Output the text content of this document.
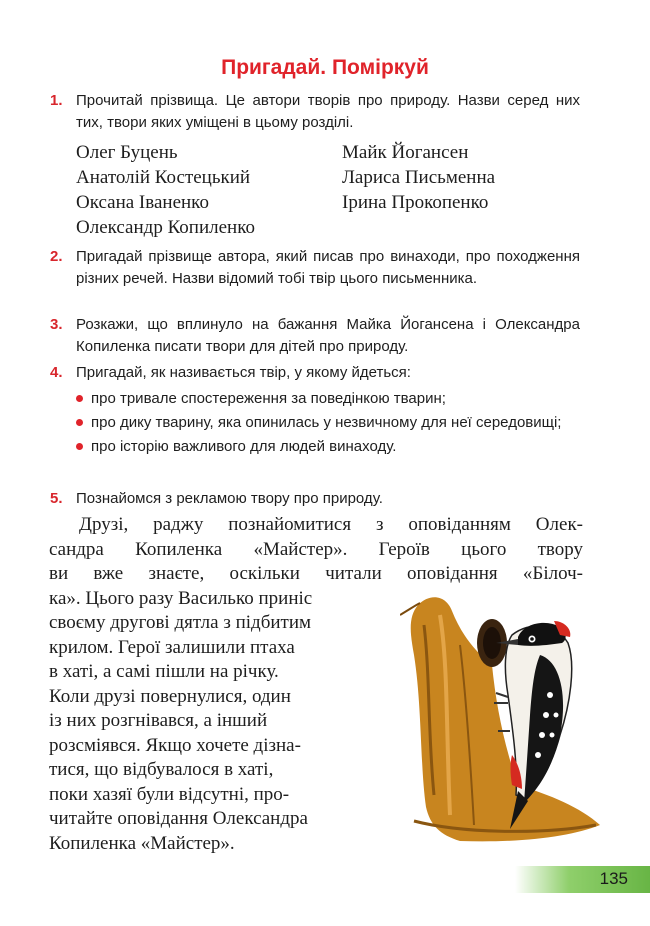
Пригадай. Поміркуй
1. Прочитай прізвища. Це автори творів про природу. Назви серед них тих, твори яких уміщені в цьому розділі.
Олег Буцень
Анатолій Костецький
Оксана Іваненко
Олександр Копиленко
Майк Йогансен
Лариса Письменна
Ірина Прокопенко
2. Пригадай прізвище автора, який писав про винаходи, про походження різних речей. Назви відомий тобі твір цього письменника.
3. Розкажи, що вплинуло на бажання Майка Йогансена і Олександра Копиленка писати твори для дітей про природу.
4. Пригадай, як називається твір, у якому йдеться:
про тривале спостереження за поведінкою тварин;
про дику тварину, яка опинилась у незвичному для неї середовищі;
про історію важливого для людей винаходу.
5. Познайомся з рекламою твору про природу.
Друзі, раджу познайомитися з оповіданням Олек-
сандра Копиленка «Майстер». Героїв цього твору
ви вже знаєте, оскільки читали оповідання «Білоч-
ка». Цього разу Василько приніс
своєму другові дятла з підбитим
крилом. Герої залишили птаха
в хаті, а самі пішли на річку.
Коли друзі повернулися, один
із них розгнівався, а інший
розсміявся. Якщо хочете дізна-
тися, що відбувалося в хаті,
поки хазяї були відсутні, про-
читайте оповідання Олександра
Копиленка «Майстер».
135
